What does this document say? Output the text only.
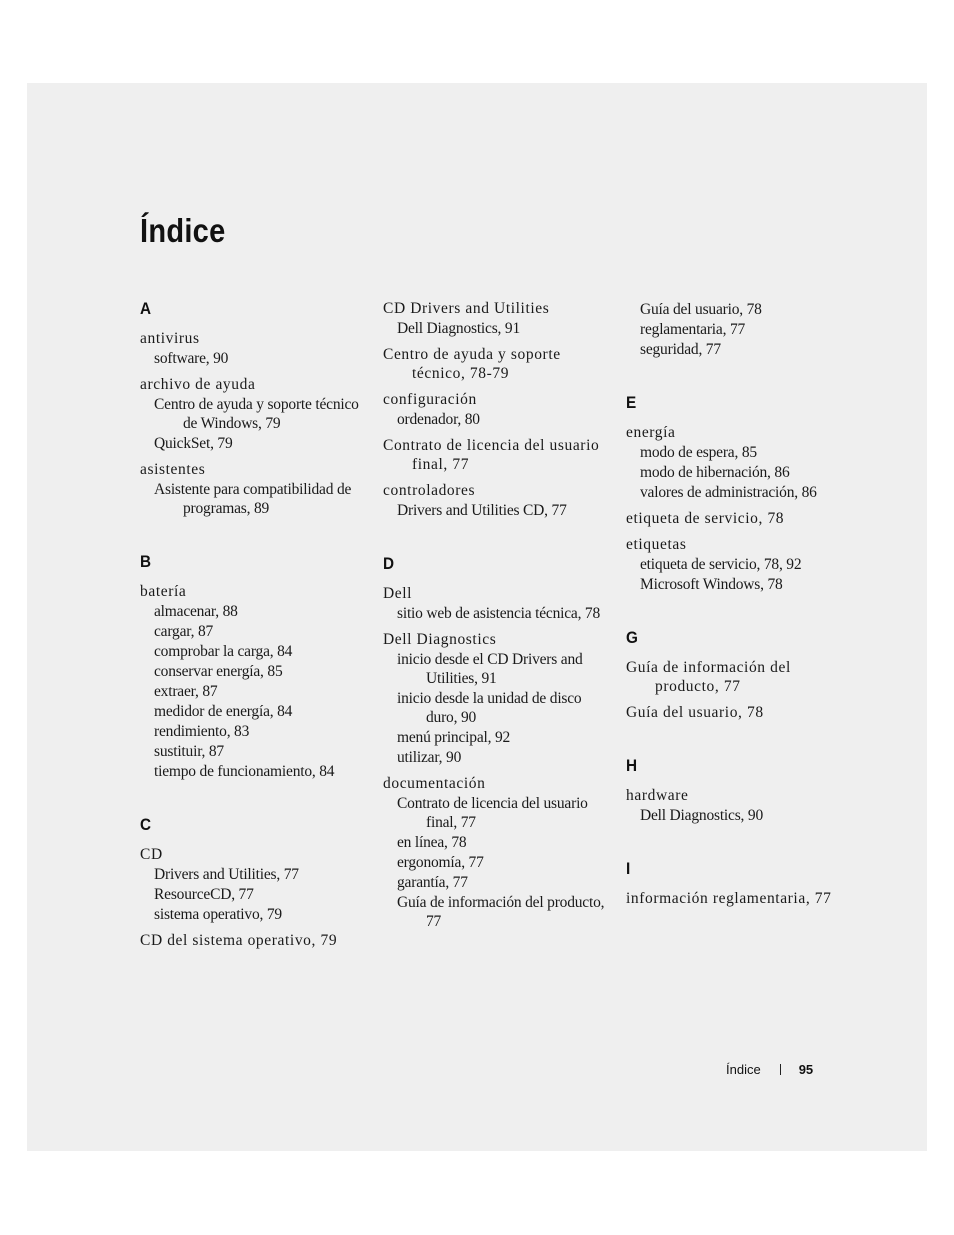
Índice
A
antivirus
software, 90
archivo de ayuda
Centro de ayuda y soporte técnico de Windows, 79
QuickSet, 79
asistentes
Asistente para compatibilidad de programas, 89
B
batería
almacenar, 88
cargar, 87
comprobar la carga, 84
conservar energía, 85
extraer, 87
medidor de energía, 84
rendimiento, 83
sustituir, 87
tiempo de funcionamiento, 84
C
CD
Drivers and Utilities, 77
ResourceCD, 77
sistema operativo, 79
CD del sistema operativo, 79
CD Drivers and Utilities
Dell Diagnostics, 91
Centro de ayuda y soporte técnico, 78-79
configuración
ordenador, 80
Contrato de licencia del usuario final, 77
controladores
Drivers and Utilities CD, 77
D
Dell
sitio web de asistencia técnica, 78
Dell Diagnostics
inicio desde el CD Drivers and Utilities, 91
inicio desde la unidad de disco duro, 90
menú principal, 92
utilizar, 90
documentación
Contrato de licencia del usuario final, 77
en línea, 78
ergonomía, 77
garantía, 77
Guía de información del producto, 77
Guía del usuario, 78
reglamentaria, 77
seguridad, 77
E
energía
modo de espera, 85
modo de hibernación, 86
valores de administración, 86
etiqueta de servicio, 78
etiquetas
etiqueta de servicio, 78, 92
Microsoft Windows, 78
G
Guía de información del producto, 77
Guía del usuario, 78
H
hardware
Dell Diagnostics, 90
I
información reglamentaria, 77
Índice	95
